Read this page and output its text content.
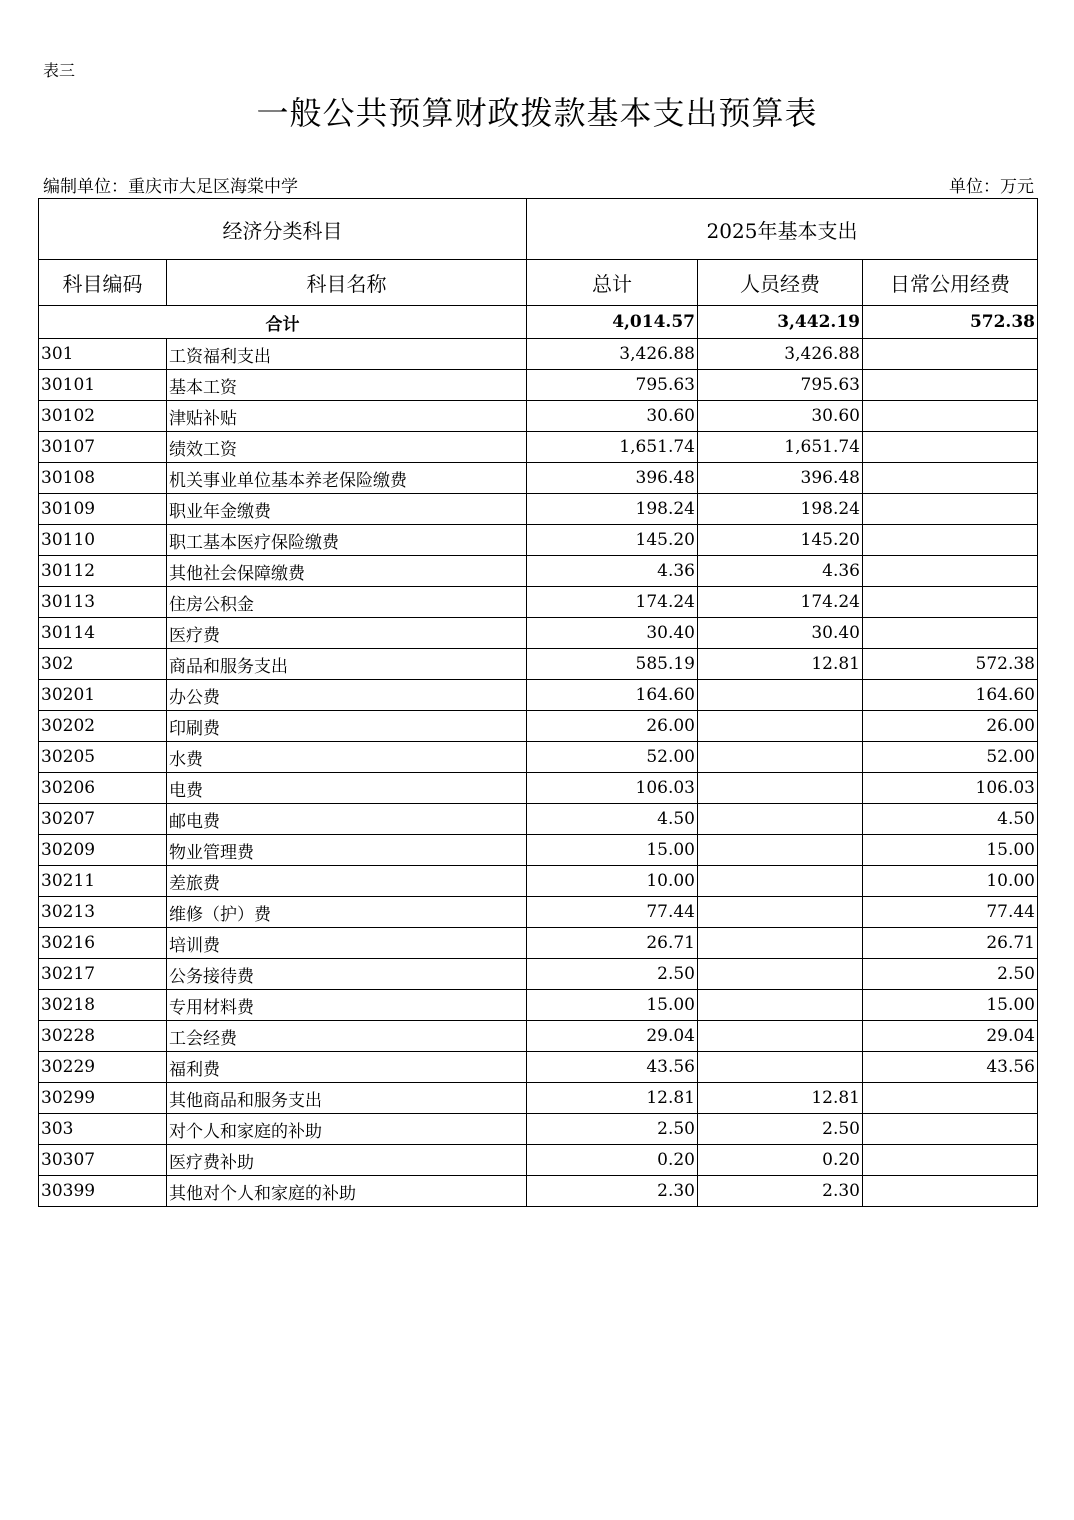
表三
一般公共预算财政拨款基本支出预算表
编制单位：重庆市大足区海棠中学	单位：万元
经济分类科目		2025年基本支出		
科目编码	科目名称	总计	人员经费	日常公用经费
合计		4,014.57	3,442.19	572.38
301	工资福利支出	3,426.88	3,426.88	
30101	基本工资	795.63	795.63	
30102	津贴补贴	30.60	30.60	
30107	绩效工资	1,651.74	1,651.74	
30108	机关事业单位基本养老保险缴费	396.48	396.48	
30109	职业年金缴费	198.24	198.24	
30110	职工基本医疗保险缴费	145.20	145.20	
30112	其他社会保障缴费	4.36	4.36	
30113	住房公积金	174.24	174.24	
30114	医疗费	30.40	30.40	
302	商品和服务支出	585.19	12.81	572.38
30201	办公费	164.60		164.60
30202	印刷费	26.00		26.00
30205	水费	52.00		52.00
30206	电费	106.03		106.03
30207	邮电费	4.50		4.50
30209	物业管理费	15.00		15.00
30211	差旅费	10.00		10.00
30213	维修（护）费	77.44		77.44
30216	培训费	26.71		26.71
30217	公务接待费	2.50		2.50
30218	专用材料费	15.00		15.00
30228	工会经费	29.04		29.04
30229	福利费	43.56		43.56
30299	其他商品和服务支出	12.81	12.81	
303	对个人和家庭的补助	2.50	2.50	
30307	医疗费补助	0.20	0.20	
30399	其他对个人和家庭的补助	2.30	2.30	
